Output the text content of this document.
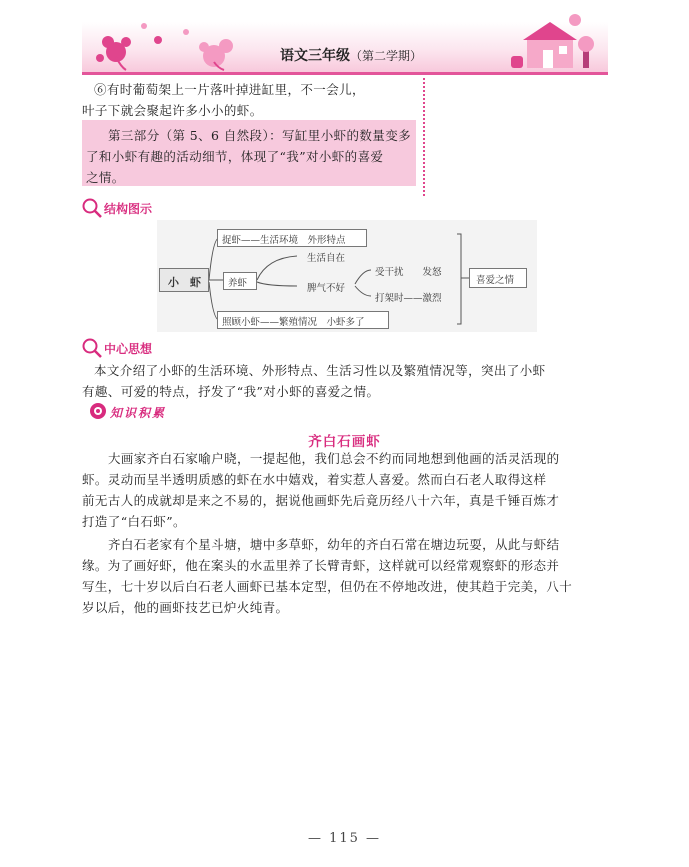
语文三年级（第二学期）
⑥有时葡萄架上一片落叶掉进缸里，不一会儿，
叶子下就会聚起许多小小的虾。
第三部分（第 5、6 自然段）：写缸里小虾的数量变多
了和小虾有趣的活动细节，体现了“我”对小虾的喜爱
之情。
结构图示
小　虾
捉虾——生活环境　外形特点
养虾
生活自在
脾气不好
受干扰　　发怒
打架时——激烈
照顾小虾——繁殖情况　小虾多了
喜爱之情
中心思想
本文介绍了小虾的生活环境、外形特点、生活习性以及繁殖情况等，突出了小虾
有趣、可爱的特点，抒发了“我”对小虾的喜爱之情。
知识积累
齐白石画虾
大画家齐白石家喻户晓，一提起他，我们总会不约而同地想到他画的活灵活现的
虾。灵动而呈半透明质感的虾在水中嬉戏，着实惹人喜爱。然而白石老人取得这样
前无古人的成就却是来之不易的，据说他画虾先后竟历经八十六年，真是千锤百炼才
打造了“白石虾”。
齐白石老家有个星斗塘，塘中多草虾，幼年的齐白石常在塘边玩耍，从此与虾结
缘。为了画好虾，他在案头的水盂里养了长臂青虾，这样就可以经常观察虾的形态并
写生，七十岁以后白石老人画虾已基本定型，但仍在不停地改进，使其趋于完美，八十
岁以后，他的画虾技艺已炉火纯青。
— 115 —
